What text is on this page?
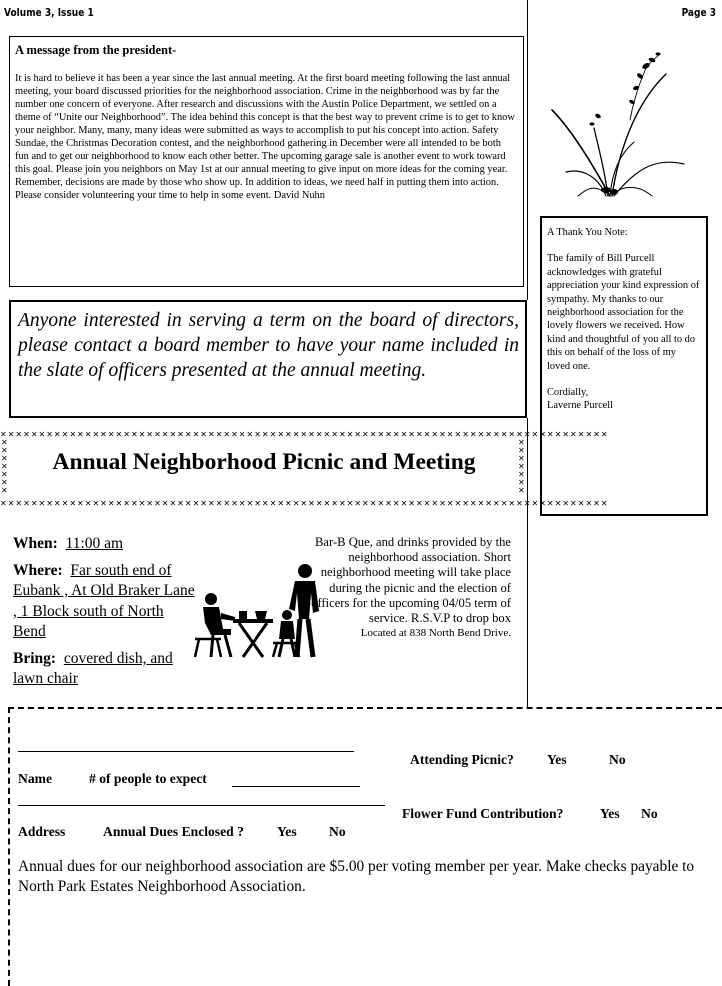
Volume 3, Issue 1	Page 3

A message from the president-

It is hard to believe it has been a year since the last annual meeting. At the first board meeting following the last annual meeting, your board discussed priorities for the neighborhood association. Crime in the neighborhood was by far the number one concern of everyone. After research and discussions with the Austin Police Department, we settled on a theme of “Unite our Neighborhood”. The idea behind this concept is that the best way to prevent crime is to get to know your neighbor. Many, many, many ideas were submitted as ways to accomplish to put his concept into action. Safety Sundae, the Christmas Decoration contest, and the neighborhood gathering in December were all intended to be both fun and to get our neighborhood to know each other better. The upcoming garage sale is another event to work toward this goal. Please join you neighbors on May 1st at our annual meeting to give input on more ideas for the coming year. Remember, decisions are made by those who show up. In addition to ideas, we need half in putting them into action. Please consider volunteering your time to help in some event. David Nuhn

Anyone interested in serving a term on the board of directors, please contact a board member to have your name included in the slate of officers presented at the annual meeting.

A Thank You Note:

The family of Bill Purcell acknowledges with grateful appreciation your kind expression of sympathy. My thanks to our neighborhood association for the lovely flowers we received. How kind and thoughtful of you all to do this on behalf of the loss of my loved one.

Cordially,

Laverne Purcell

✕✕✕✕✕✕✕✕✕✕✕✕✕✕✕✕✕✕✕✕✕✕✕✕✕✕✕✕✕✕✕✕✕✕✕✕✕✕✕✕✕✕✕✕✕✕✕✕✕✕✕✕✕✕✕✕✕✕✕✕✕✕✕✕✕✕✕✕✕✕✕✕✕✕✕✕✕✕✕
✕✕✕✕✕✕✕✕✕✕✕✕✕✕✕✕✕✕✕✕✕✕✕✕✕✕✕✕✕✕✕✕✕✕✕✕✕✕✕✕✕✕✕✕✕✕✕✕✕✕✕✕✕✕✕✕✕✕✕✕✕✕✕✕✕✕✕✕✕✕✕✕✕✕✕✕✕✕✕
✕✕✕✕✕✕✕
✕✕✕✕✕✕✕
Annual Neighborhood Picnic and Meeting

When: 11:00 am

Where: Far south end of Eubank , At Old Braker Lane , 1 Block south of North Bend

Bring: covered dish, and lawn chair

Bar-B Que, and drinks provided by the neighborhood association. Short neighborhood meeting will take place during the picnic and the election of officers for the upcoming 04/05 term of service. R.S.V.P to drop box
Located at 838 North Bend Drive.
Attending Picnic? Yes	No
Name	# of people to expect
Flower Fund Contribution?	Yes No
Address	Annual Dues Enclosed ? Yes No
Annual dues for our neighborhood association are $5.00 per voting member per year. Make checks payable to North Park Estates Neighborhood Association.
